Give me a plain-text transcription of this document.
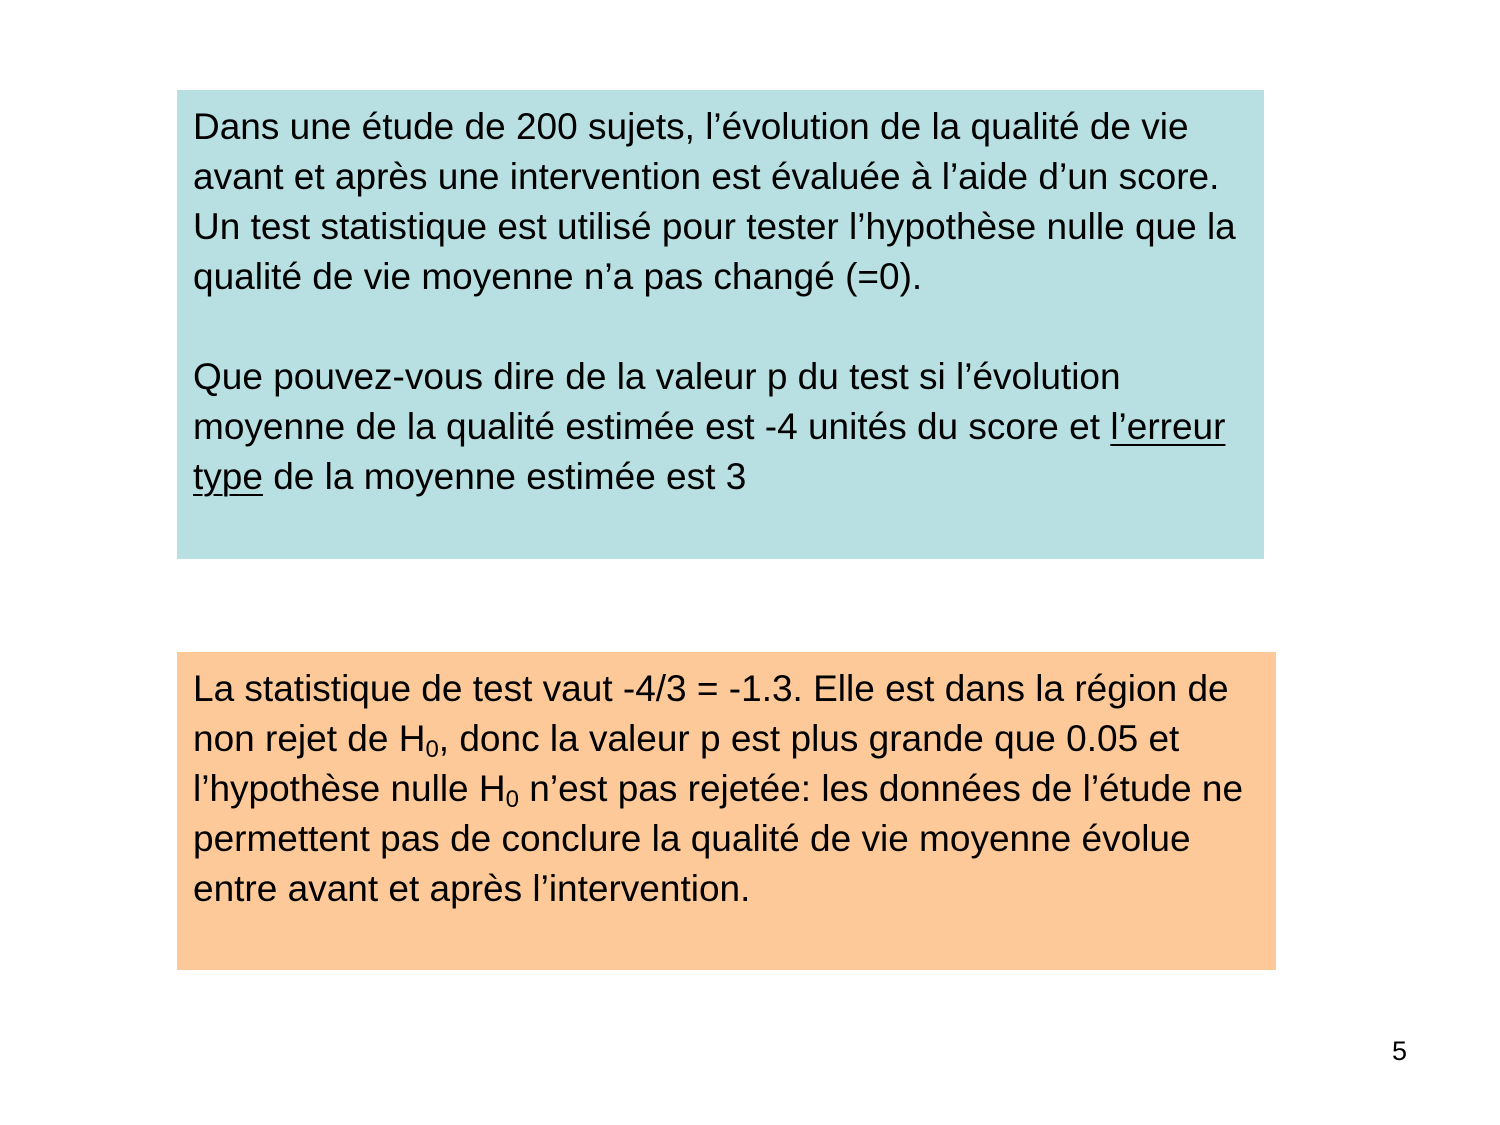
Dans une étude de 200 sujets, l’évolution de la qualité de vie avant et après une intervention est évaluée à l’aide d’un score. Un test statistique est utilisé pour tester l’hypothèse nulle que la qualité de vie moyenne n’a pas changé (=0).

Que pouvez-vous dire de la valeur p du test si l’évolution moyenne de la qualité estimée est -4 unités du score et l’erreur type de la moyenne estimée est 3

La statistique de test vaut -4/3 = -1.3. Elle est dans la région de non rejet de $H_0$, donc la valeur p est plus grande que 0.05 et l’hypothèse nulle $H_0$ n’est pas rejetée: les données de l’étude ne permettent pas de conclure la qualité de vie moyenne évolue entre avant et après l’intervention.

5
